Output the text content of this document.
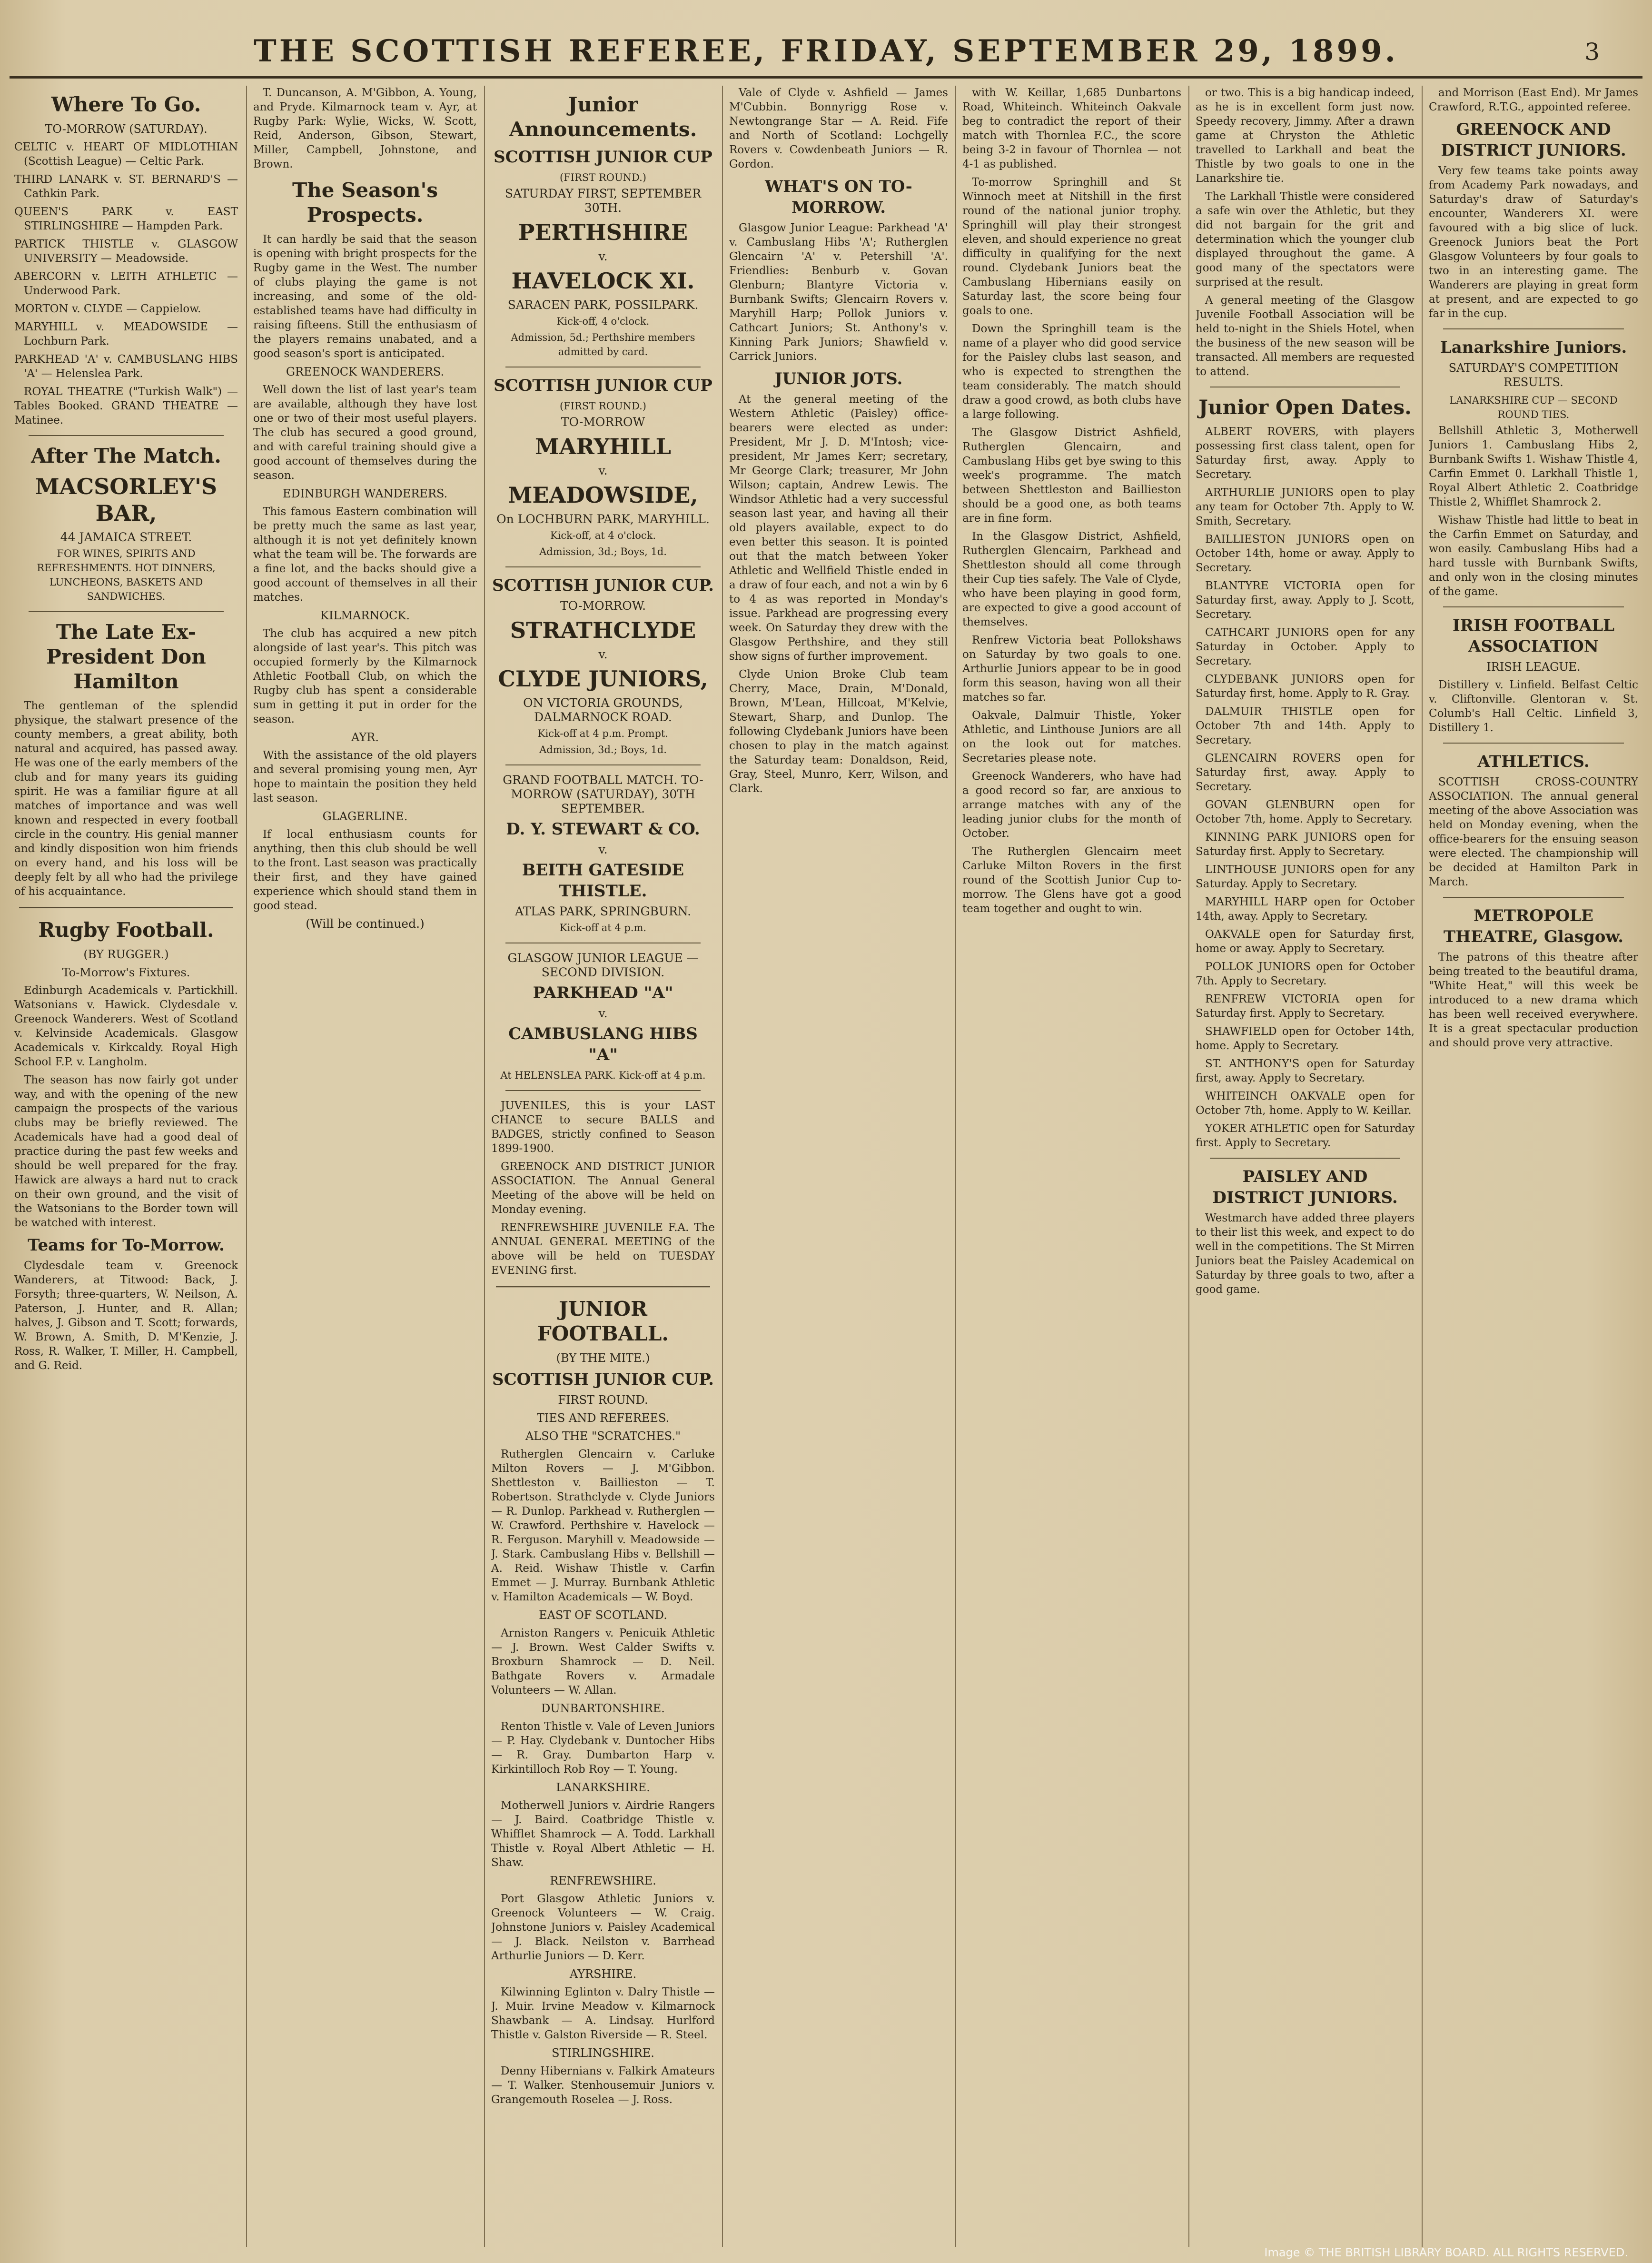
THE SCOTTISH REFEREE, FRIDAY, SEPTEMBER 29, 1899.	3
Where To Go.
TO-MORROW (SATURDAY).
CELTIC v. HEART OF MIDLOTHIAN (Scottish League) — Celtic Park.
THIRD LANARK v. ST. BERNARD'S — Cathkin Park.
QUEEN'S PARK v. EAST STIRLINGSHIRE — Hampden Park.
PARTICK THISTLE v. GLASGOW UNIVERSITY — Meadowside.
ABERCORN v. LEITH ATHLETIC — Underwood Park.
MORTON v. CLYDE — Cappielow.
MARYHILL v. MEADOWSIDE — Lochburn Park.
PARKHEAD 'A' v. CAMBUSLANG HIBS 'A' — Helenslea Park.

ROYAL THEATRE ("Turkish Walk") — Tables Booked. GRAND THEATRE — Matinee.

After The Match.
MACSORLEY'S BAR,
44 JAMAICA STREET.
FOR WINES, SPIRITS AND REFRESHMENTS. HOT DINNERS, LUNCHEONS, BASKETS AND SANDWICHES.
The Late Ex-President Don Hamilton

The gentleman of the splendid physique, the stalwart presence of the county members, a great ability, both natural and acquired, has passed away. He was one of the early members of the club and for many years its guiding spirit. He was a familiar figure at all matches of importance and was well known and respected in every football circle in the country. His genial manner and kindly disposition won him friends on every hand, and his loss will be deeply felt by all who had the privilege of his acquaintance.

Rugby Football.
(BY RUGGER.)
To-Morrow's Fixtures.

Edinburgh Academicals v. Partickhill. Watsonians v. Hawick. Clydesdale v. Greenock Wanderers. West of Scotland v. Kelvinside Academicals. Glasgow Academicals v. Kirkcaldy. Royal High School F.P. v. Langholm.

The season has now fairly got under way, and with the opening of the new campaign the prospects of the various clubs may be briefly reviewed. The Academicals have had a good deal of practice during the past few weeks and should be well prepared for the fray. Hawick are always a hard nut to crack on their own ground, and the visit of the Watsonians to the Border town will be watched with interest.

Teams for To-Morrow.

Clydesdale team v. Greenock Wanderers, at Titwood: Back, J. Forsyth; three-quarters, W. Neilson, A. Paterson, J. Hunter, and R. Allan; halves, J. Gibson and T. Scott; forwards, W. Brown, A. Smith, D. M'Kenzie, J. Ross, R. Walker, T. Miller, H. Campbell, and G. Reid.

T. Duncanson, A. M'Gibbon, A. Young, and Pryde. Kilmarnock team v. Ayr, at Rugby Park: Wylie, Wicks, W. Scott, Reid, Anderson, Gibson, Stewart, Miller, Campbell, Johnstone, and Brown.

The Season's Prospects.

It can hardly be said that the season is opening with bright prospects for the Rugby game in the West. The number of clubs playing the game is not increasing, and some of the old-established teams have had difficulty in raising fifteens. Still the enthusiasm of the players remains unabated, and a good season's sport is anticipated.

GREENOCK WANDERERS.

Well down the list of last year's team are available, although they have lost one or two of their most useful players. The club has secured a good ground, and with careful training should give a good account of themselves during the season.

EDINBURGH WANDERERS.

This famous Eastern combination will be pretty much the same as last year, although it is not yet definitely known what the team will be. The forwards are a fine lot, and the backs should give a good account of themselves in all their matches.

KILMARNOCK.

The club has acquired a new pitch alongside of last year's. This pitch was occupied formerly by the Kilmarnock Athletic Football Club, on which the Rugby club has spent a considerable sum in getting it put in order for the season.

AYR.

With the assistance of the old players and several promising young men, Ayr hope to maintain the position they held last season.

GLAGERLINE.

If local enthusiasm counts for anything, then this club should be well to the front. Last season was practically their first, and they have gained experience which should stand them in good stead.

(Will be continued.)
Junior Announcements.
SCOTTISH JUNIOR CUP
(FIRST ROUND.)
SATURDAY FIRST, SEPTEMBER 30TH.
PERTHSHIRE
v.
HAVELOCK XI.
SARACEN PARK, POSSILPARK.
Kick-off, 4 o'clock.
Admission, 5d.; Perthshire members admitted by card.
SCOTTISH JUNIOR CUP
(FIRST ROUND.)
TO-MORROW
MARYHILL
v.
MEADOWSIDE,
On LOCHBURN PARK, MARYHILL.
Kick-off, at 4 o'clock.
Admission, 3d.; Boys, 1d.
SCOTTISH JUNIOR CUP.
TO-MORROW.
STRATHCLYDE
v.
CLYDE JUNIORS,
ON VICTORIA GROUNDS, DALMARNOCK ROAD.
Kick-off at 4 p.m. Prompt.
Admission, 3d.; Boys, 1d.
GRAND FOOTBALL MATCH. TO-MORROW (SATURDAY), 30TH SEPTEMBER.
D. Y. STEWART & CO.
v.
BEITH GATESIDE THISTLE.
ATLAS PARK, SPRINGBURN.
Kick-off at 4 p.m.
GLASGOW JUNIOR LEAGUE — SECOND DIVISION.
PARKHEAD "A"
v.
CAMBUSLANG HIBS "A"
At HELENSLEA PARK. Kick-off at 4 p.m.

JUVENILES, this is your LAST CHANCE to secure BALLS and BADGES, strictly confined to Season 1899-1900.

GREENOCK AND DISTRICT JUNIOR ASSOCIATION. The Annual General Meeting of the above will be held on Monday evening.

RENFREWSHIRE JUVENILE F.A. The ANNUAL GENERAL MEETING of the above will be held on TUESDAY EVENING first.

JUNIOR FOOTBALL.
(BY THE MITE.)
SCOTTISH JUNIOR CUP.
FIRST ROUND.
TIES AND REFEREES.
ALSO THE "SCRATCHES."

Rutherglen Glencairn v. Carluke Milton Rovers — J. M'Gibbon. Shettleston v. Baillieston — T. Robertson. Strathclyde v. Clyde Juniors — R. Dunlop. Parkhead v. Rutherglen — W. Crawford. Perthshire v. Havelock — R. Ferguson. Maryhill v. Meadowside — J. Stark. Cambuslang Hibs v. Bellshill — A. Reid. Wishaw Thistle v. Carfin Emmet — J. Murray. Burnbank Athletic v. Hamilton Academicals — W. Boyd.

EAST OF SCOTLAND.

Arniston Rangers v. Penicuik Athletic — J. Brown. West Calder Swifts v. Broxburn Shamrock — D. Neil. Bathgate Rovers v. Armadale Volunteers — W. Allan.

DUNBARTONSHIRE.

Renton Thistle v. Vale of Leven Juniors — P. Hay. Clydebank v. Duntocher Hibs — R. Gray. Dumbarton Harp v. Kirkintilloch Rob Roy — T. Young.

LANARKSHIRE.

Motherwell Juniors v. Airdrie Rangers — J. Baird. Coatbridge Thistle v. Whifflet Shamrock — A. Todd. Larkhall Thistle v. Royal Albert Athletic — H. Shaw.

RENFREWSHIRE.

Port Glasgow Athletic Juniors v. Greenock Volunteers — W. Craig. Johnstone Juniors v. Paisley Academical — J. Black. Neilston v. Barrhead Arthurlie Juniors — D. Kerr.

AYRSHIRE.

Kilwinning Eglinton v. Dalry Thistle — J. Muir. Irvine Meadow v. Kilmarnock Shawbank — A. Lindsay. Hurlford Thistle v. Galston Riverside — R. Steel.

STIRLINGSHIRE.

Denny Hibernians v. Falkirk Amateurs — T. Walker. Stenhousemuir Juniors v. Grangemouth Roselea — J. Ross.

Vale of Clyde v. Ashfield — James M'Cubbin. Bonnyrigg Rose v. Newtongrange Star — A. Reid. Fife and North of Scotland: Lochgelly Rovers v. Cowdenbeath Juniors — R. Gordon.

WHAT'S ON TO-MORROW.

Glasgow Junior League: Parkhead 'A' v. Cambuslang Hibs 'A'; Rutherglen Glencairn 'A' v. Petershill 'A'. Friendlies: Benburb v. Govan Glenburn; Blantyre Victoria v. Burnbank Swifts; Glencairn Rovers v. Maryhill Harp; Pollok Juniors v. Cathcart Juniors; St. Anthony's v. Kinning Park Juniors; Shawfield v. Carrick Juniors.

JUNIOR JOTS.

At the general meeting of the Western Athletic (Paisley) office-bearers were elected as under: President, Mr J. D. M'Intosh; vice-president, Mr James Kerr; secretary, Mr George Clark; treasurer, Mr John Wilson; captain, Andrew Lewis. The Windsor Athletic had a very successful season last year, and having all their old players available, expect to do even better this season. It is pointed out that the match between Yoker Athletic and Wellfield Thistle ended in a draw of four each, and not a win by 6 to 4 as was reported in Monday's issue. Parkhead are progressing every week. On Saturday they drew with the Glasgow Perthshire, and they still show signs of further improvement.

Clyde Union Broke Club team Cherry, Mace, Drain, M'Donald, Brown, M'Lean, Hillcoat, M'Kelvie, Stewart, Sharp, and Dunlop. The following Clydebank Juniors have been chosen to play in the match against the Saturday team: Donaldson, Reid, Gray, Steel, Munro, Kerr, Wilson, and Clark.

with W. Keillar, 1,685 Dunbartons Road, Whiteinch. Whiteinch Oakvale beg to contradict the report of their match with Thornlea F.C., the score being 3-2 in favour of Thornlea — not 4-1 as published.

To-morrow Springhill and St Winnoch meet at Nitshill in the first round of the national junior trophy. Springhill will play their strongest eleven, and should experience no great difficulty in qualifying for the next round. Clydebank Juniors beat the Cambuslang Hibernians easily on Saturday last, the score being four goals to one.

Down the Springhill team is the name of a player who did good service for the Paisley clubs last season, and who is expected to strengthen the team considerably. The match should draw a good crowd, as both clubs have a large following.

The Glasgow District Ashfield, Rutherglen Glencairn, and Cambuslang Hibs get bye swing to this week's programme. The match between Shettleston and Baillieston should be a good one, as both teams are in fine form.

In the Glasgow District, Ashfield, Rutherglen Glencairn, Parkhead and Shettleston should all come through their Cup ties safely. The Vale of Clyde, who have been playing in good form, are expected to give a good account of themselves.

Renfrew Victoria beat Pollokshaws on Saturday by two goals to one. Arthurlie Juniors appear to be in good form this season, having won all their matches so far.

Oakvale, Dalmuir Thistle, Yoker Athletic, and Linthouse Juniors are all on the look out for matches. Secretaries please note.

Greenock Wanderers, who have had a good record so far, are anxious to arrange matches with any of the leading junior clubs for the month of October.

The Rutherglen Glencairn meet Carluke Milton Rovers in the first round of the Scottish Junior Cup to-morrow. The Glens have got a good team together and ought to win.

or two. This is a big handicap indeed, as he is in excellent form just now. Speedy recovery, Jimmy. After a drawn game at Chryston the Athletic travelled to Larkhall and beat the Thistle by two goals to one in the Lanarkshire tie.

The Larkhall Thistle were considered a safe win over the Athletic, but they did not bargain for the grit and determination which the younger club displayed throughout the game. A good many of the spectators were surprised at the result.

A general meeting of the Glasgow Juvenile Football Association will be held to-night in the Shiels Hotel, when the business of the new season will be transacted. All members are requested to attend.

Junior Open Dates.

ALBERT ROVERS, with players possessing first class talent, open for Saturday first, away. Apply to Secretary.

ARTHURLIE JUNIORS open to play any team for October 7th. Apply to W. Smith, Secretary.

BAILLIESTON JUNIORS open on October 14th, home or away. Apply to Secretary.

BLANTYRE VICTORIA open for Saturday first, away. Apply to J. Scott, Secretary.

CATHCART JUNIORS open for any Saturday in October. Apply to Secretary.

CLYDEBANK JUNIORS open for Saturday first, home. Apply to R. Gray.

DALMUIR THISTLE open for October 7th and 14th. Apply to Secretary.

GLENCAIRN ROVERS open for Saturday first, away. Apply to Secretary.

GOVAN GLENBURN open for October 7th, home. Apply to Secretary.

KINNING PARK JUNIORS open for Saturday first. Apply to Secretary.

LINTHOUSE JUNIORS open for any Saturday. Apply to Secretary.

MARYHILL HARP open for October 14th, away. Apply to Secretary.

OAKVALE open for Saturday first, home or away. Apply to Secretary.

POLLOK JUNIORS open for October 7th. Apply to Secretary.

RENFREW VICTORIA open for Saturday first. Apply to Secretary.

SHAWFIELD open for October 14th, home. Apply to Secretary.

ST. ANTHONY'S open for Saturday first, away. Apply to Secretary.

WHITEINCH OAKVALE open for October 7th, home. Apply to W. Keillar.

YOKER ATHLETIC open for Saturday first. Apply to Secretary.

PAISLEY AND DISTRICT JUNIORS.

Westmarch have added three players to their list this week, and expect to do well in the competitions. The St Mirren Juniors beat the Paisley Academical on Saturday by three goals to two, after a good game.

and Morrison (East End). Mr James Crawford, R.T.G., appointed referee.

GREENOCK AND DISTRICT JUNIORS.

Very few teams take points away from Academy Park nowadays, and Saturday's draw of Saturday's encounter, Wanderers XI. were favoured with a big slice of luck. Greenock Juniors beat the Port Glasgow Volunteers by four goals to two in an interesting game. The Wanderers are playing in great form at present, and are expected to go far in the cup.

Lanarkshire Juniors.
SATURDAY'S COMPETITION RESULTS.
LANARKSHIRE CUP — SECOND ROUND TIES.

Bellshill Athletic 3, Motherwell Juniors 1. Cambuslang Hibs 2, Burnbank Swifts 1. Wishaw Thistle 4, Carfin Emmet 0. Larkhall Thistle 1, Royal Albert Athletic 2. Coatbridge Thistle 2, Whifflet Shamrock 2.

Wishaw Thistle had little to beat in the Carfin Emmet on Saturday, and won easily. Cambuslang Hibs had a hard tussle with Burnbank Swifts, and only won in the closing minutes of the game.

IRISH FOOTBALL ASSOCIATION
IRISH LEAGUE.

Distillery v. Linfield. Belfast Celtic v. Cliftonville. Glentoran v. St. Columb's Hall Celtic. Linfield 3, Distillery 1.

ATHLETICS.

SCOTTISH CROSS-COUNTRY ASSOCIATION. The annual general meeting of the above Association was held on Monday evening, when the office-bearers for the ensuing season were elected. The championship will be decided at Hamilton Park in March.

METROPOLE THEATRE, Glasgow.

The patrons of this theatre after being treated to the beautiful drama, "White Heat," will this week be introduced to a new drama which has been well received everywhere. It is a great spectacular production and should prove very attractive.

Image © THE BRITISH LIBRARY BOARD. ALL RIGHTS RESERVED.
